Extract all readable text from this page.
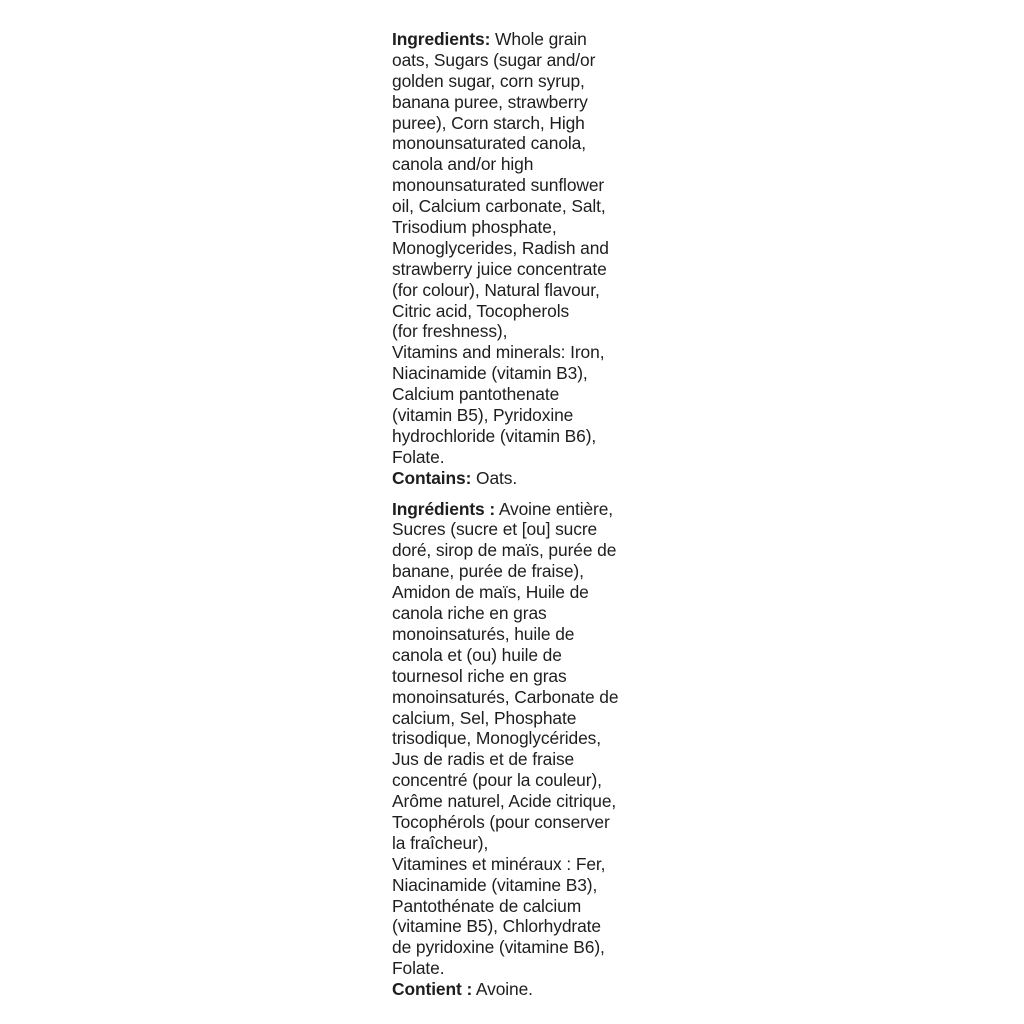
Ingredients: Whole grain
oats, Sugars (sugar and/or
golden sugar, corn syrup,
banana puree, strawberry
puree), Corn starch, High
monounsaturated canola,
canola and/or high
monounsaturated sunflower
oil, Calcium carbonate, Salt,
Trisodium phosphate,
Monoglycerides, Radish and
strawberry juice concentrate
(for colour), Natural flavour,
Citric acid, Tocopherols
(for freshness),
Vitamins and minerals: Iron,
Niacinamide (vitamin B3),
Calcium pantothenate
(vitamin B5), Pyridoxine
hydrochloride (vitamin B6),
Folate.
Contains: Oats.
Ingrédients : Avoine entière,
Sucres (sucre et [ou] sucre
doré, sirop de maïs, purée de
banane, purée de fraise),
Amidon de maïs, Huile de
canola riche en gras
monoinsaturés, huile de
canola et (ou) huile de
tournesol riche en gras
monoinsaturés, Carbonate de
calcium, Sel, Phosphate
trisodique, Monoglycérides,
Jus de radis et de fraise
concentré (pour la couleur),
Arôme naturel, Acide citrique,
Tocophérols (pour conserver
la fraîcheur),
Vitamines et minéraux : Fer,
Niacinamide (vitamine B3),
Pantothénate de calcium
(vitamine B5), Chlorhydrate
de pyridoxine (vitamine B6),
Folate.
Contient : Avoine.
